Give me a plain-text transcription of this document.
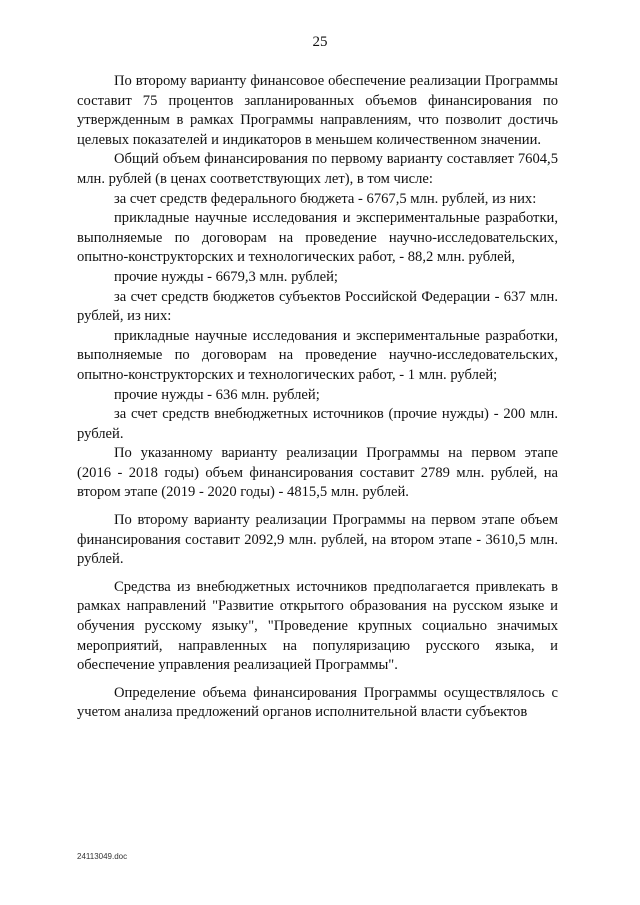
25

По второму варианту финансовое обеспечение реализации Программы составит 75 процентов запланированных объемов финансирования по утвержденным в рамках Программы направлениям, что позволит достичь целевых показателей и индикаторов в меньшем количественном значении.

Общий объем финансирования по первому варианту составляет 7604,5 млн. рублей (в ценах соответствующих лет), в том числе:

за счет средств федерального бюджета - 6767,5 млн. рублей, из них:

прикладные научные исследования и экспериментальные разработки, выполняемые по договорам на проведение научно-исследовательских, опытно-конструкторских и технологических работ, - 88,2 млн. рублей,

прочие нужды - 6679,3 млн. рублей;

за счет средств бюджетов субъектов Российской Федерации - 637 млн. рублей, из них:

прикладные научные исследования и экспериментальные разработки, выполняемые по договорам на проведение научно-исследовательских, опытно-конструкторских и технологических работ, - 1 млн. рублей;

прочие нужды - 636 млн. рублей;

за счет средств внебюджетных источников (прочие нужды) - 200 млн. рублей.

По указанному варианту реализации Программы на первом этапе (2016 - 2018 годы) объем финансирования составит 2789 млн. рублей, на втором этапе (2019 - 2020 годы) - 4815,5 млн. рублей.

По второму варианту реализации Программы на первом этапе объем финансирования составит 2092,9 млн. рублей, на втором этапе - 3610,5 млн. рублей.

Средства из внебюджетных источников предполагается привлекать в рамках направлений "Развитие открытого образования на русском языке и обучения русскому языку", "Проведение крупных социально значимых мероприятий, направленных на популяризацию русского языка, и обеспечение управления реализацией Программы".

Определение объема финансирования Программы осуществлялось с учетом анализа предложений органов исполнительной власти субъектов

24113049.doc
